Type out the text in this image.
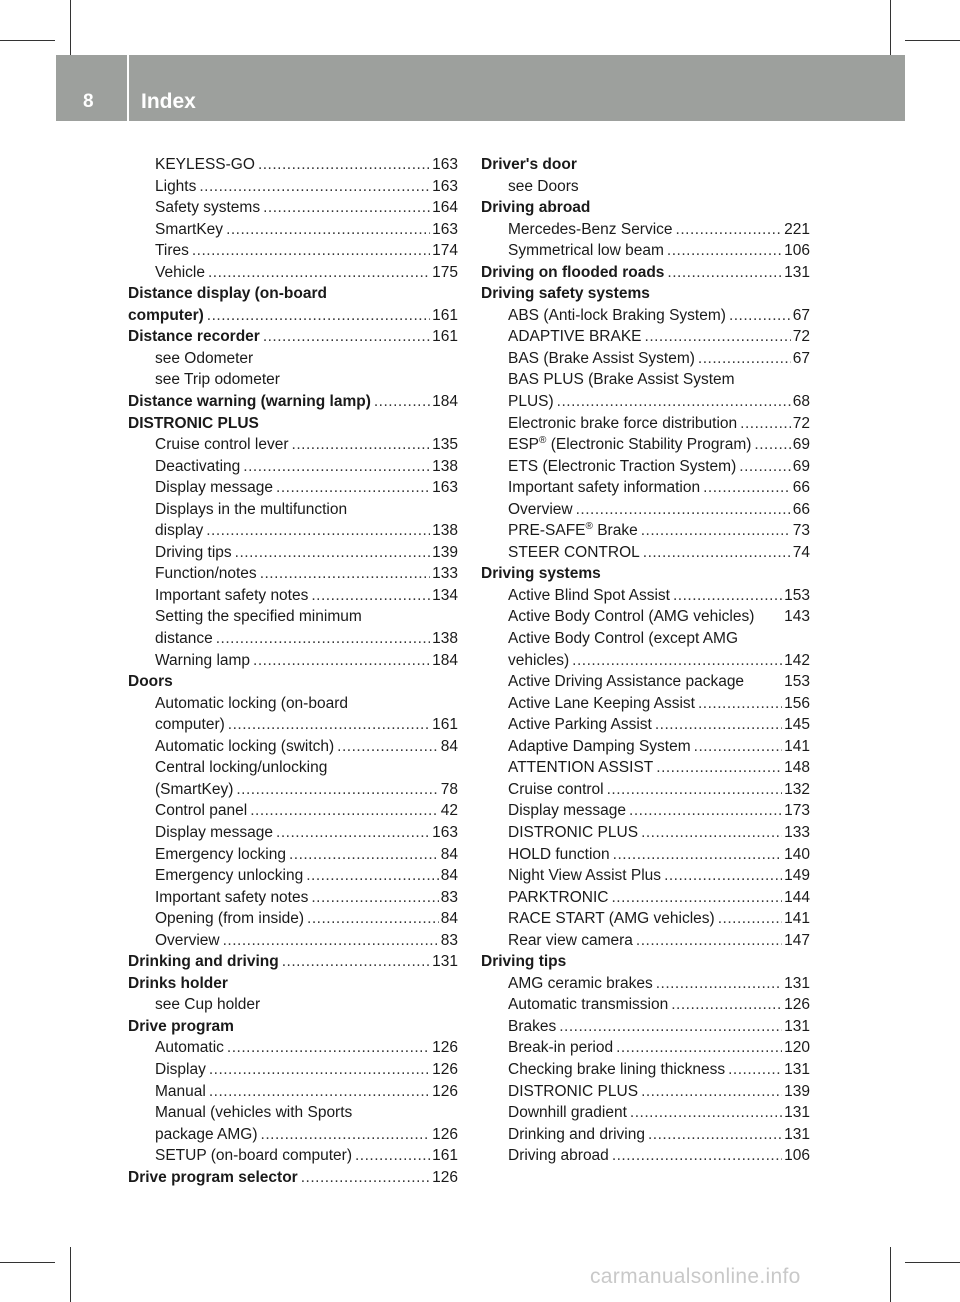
8 Index
KEYLESS-GO .....	163
Lights .....	163
Safety systems .....	164
SmartKey .....	163
Tires .....	174
Vehicle .....	175
Distance display (on-board
computer) .....	161
Distance recorder .....	161
see Odometer
see Trip odometer
Distance warning (warning lamp) .....	184
DISTRONIC PLUS
Cruise control lever .....	135
Deactivating .....	138
Display message .....	163
Displays in the multifunction
display .....	138
Driving tips .....	139
Function/notes .....	133
Important safety notes .....	134
Setting the specified minimum
distance .....	138
Warning lamp .....	184
Doors
Automatic locking (on-board
computer) .....	161
Automatic locking (switch) .....	84
Central locking/unlocking
(SmartKey) .....	78
Control panel .....	42
Display message .....	163
Emergency locking .....	84
Emergency unlocking .....	84
Important safety notes .....	83
Opening (from inside) .....	84
Overview .....	83
Drinking and driving .....	131
Drinks holder
see Cup holder
Drive program
Automatic .....	126
Display .....	126
Manual .....	126
Manual (vehicles with Sports
package AMG) .....	126
SETUP (on-board computer) .....	161
Drive program selector .....	126
Driver's door
see Doors
Driving abroad
Mercedes-Benz Service .....	221
Symmetrical low beam .....	106
Driving on flooded roads .....	131
Driving safety systems
ABS (Anti-lock Braking System) .....	67
ADAPTIVE BRAKE .....	72
BAS (Brake Assist System) .....	67
BAS PLUS (Brake Assist System
PLUS) .....	68
Electronic brake force distribution .....	72
ESP® (Electronic Stability Program) .....	69
ETS (Electronic Traction System) .....	69
Important safety information .....	66
Overview .....	66
PRE-SAFE® Brake .....	73
STEER CONTROL .....	74
Driving systems
Active Blind Spot Assist .....	153
Active Body Control (AMG vehicles) 143
Active Body Control (except AMG
vehicles) .....	142
Active Driving Assistance package	153
Active Lane Keeping Assist .....	156
Active Parking Assist .....	145
Adaptive Damping System .....	141
ATTENTION ASSIST .....	148
Cruise control .....	132
Display message .....	173
DISTRONIC PLUS .....	133
HOLD function .....	140
Night View Assist Plus .....	149
PARKTRONIC .....	144
RACE START (AMG vehicles) .....	141
Rear view camera .....	147
Driving tips
AMG ceramic brakes .....	131
Automatic transmission .....	126
Brakes .....	131
Break-in period .....	120
Checking brake lining thickness .....	131
DISTRONIC PLUS .....	139
Downhill gradient .....	131
Drinking and driving .....	131
Driving abroad .....	106
carmanualsonline.info
